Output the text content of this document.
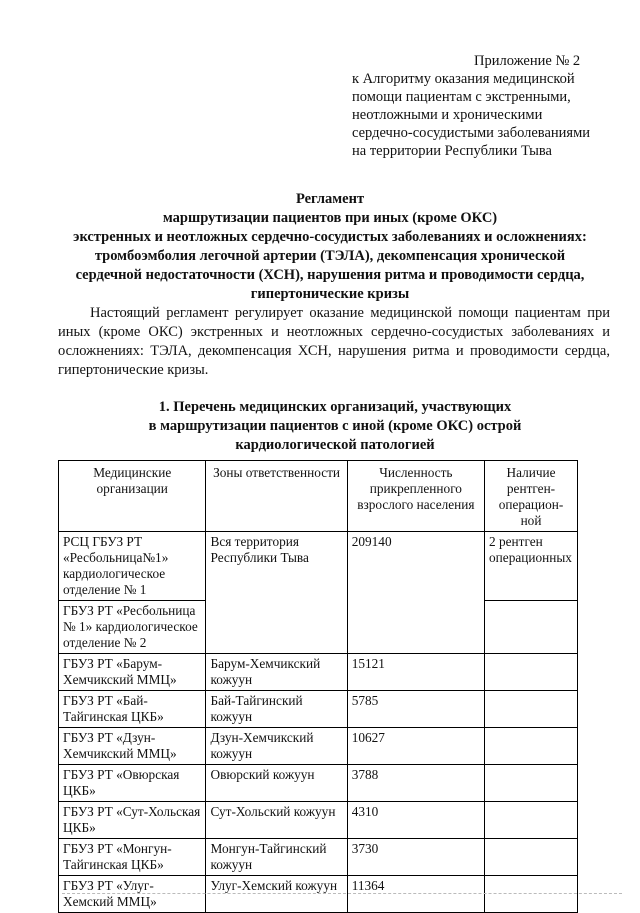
Приложение № 2
к Алгоритму оказания медицинской
помощи пациентам с экстренными,
неотложными и хроническими
сердечно-сосудистыми заболеваниями
на территории Республики Тыва
Регламент
маршрутизации пациентов при иных (кроме ОКС)
экстренных и неотложных сердечно-сосудистых заболеваниях и осложнениях:
тромбоэмболия легочной артерии (ТЭЛА), декомпенсация хронической
сердечной недостаточности (ХСН), нарушения ритма и проводимости сердца,
гипертонические кризы
Настоящий регламент регулирует оказание медицинской помощи пациентам при иных (кроме ОКС) экстренных и неотложных сердечно-сосудистых заболеваниях и осложнениях: ТЭЛА, декомпенсация ХСН, нарушения ритма и проводимости сердца, гипертонические кризы.
1. Перечень медицинских организаций, участвующих
в маршрутизации пациентов с иной (кроме ОКС) острой
кардиологической патологией
Медицинские организации	Зоны ответственности	Численность прикрепленного взрослого населения	Наличие рентген-операцион-ной
РСЦ ГБУЗ РТ «Ресбольница№1» кардиологическое отделение № 1	Вся территория Республики Тыва	209140	2 рентген операционных
ГБУЗ РТ «Ресбольница № 1» кардиологическое отделение № 2			
ГБУЗ РТ «Барум-Хемчикский ММЦ»	Барум-Хемчикский кожуун	15121	
ГБУЗ РТ «Бай-Тайгинская ЦКБ»	Бай-Тайгинский кожуун	5785	
ГБУЗ РТ «Дзун-Хемчикский ММЦ»	Дзун-Хемчикский кожуун	10627	
ГБУЗ РТ «Овюрская ЦКБ»	Овюрский кожуун	3788	
ГБУЗ РТ «Сут-Хольская ЦКБ»	Сут-Хольский кожуун	4310	
ГБУЗ РТ «Монгун-Тайгинская ЦКБ»	Монгун-Тайгинский кожуун	3730	
ГБУЗ РТ «Улуг-Хемский ММЦ»	Улуг-Хемский кожуун	11364	
